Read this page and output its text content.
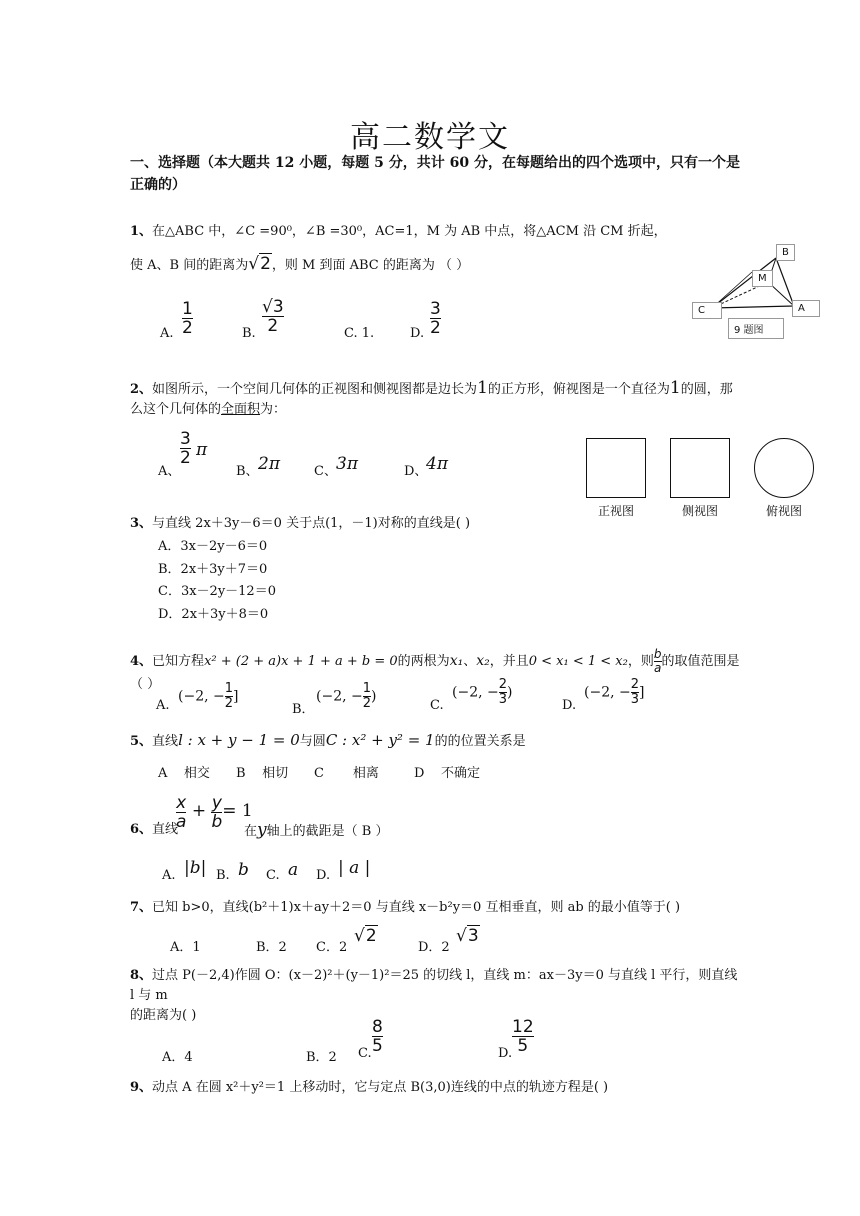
高二数学文
一、选择题（本大题共 12 小题，每题 5 分，共计 60 分，在每题给出的四个选项中，只有一个是正确的）
1、在△ABC 中，∠C =90⁰，∠B =30⁰，AC=1，M 为 AB 中点，将△ACM 沿 CM 折起，
使 A、B 间的距离为√2，则 M 到面 ABC 的距离为 （ ）
A.
1
2	B.
√3
2	C. 1.	D.
3
2
B
M
C	A
9 题图
2、如图所示，一个空间几何体的正视图和侧视图都是边长为1的正方形，俯视图是一个直径为1的圆，那
么这个几何体的全面积为：
A、
3
2 π
B、 2π	C、 3π	D、
4π
正视图	侧视图	俯视图
3、与直线 2x＋3y－6＝0 关于点(1，－1)对称的直线是( )
A．3x－2y－6＝0
B．2x＋3y＋7＝0
C．3x－2y－12＝0
D．2x＋3y＋8＝0
4、已知方程x² + (2 + a)x + 1 + a + b = 0的两根为x₁、x₂，并且0 < x₁ < 1 < x₂，则 $\frac{b}{a}$ 的取值范围是（ ）
A.
(−2, − $\frac{1}{2}$ ]
B．
(−2, − $\frac{1}{2}$ )
C.
(−2, − $\frac{2}{3}$ )
D.
(−2, − $\frac{2}{3}$ ]
5、直线l : x + y − 1 = 0与圆C : x² + y² = 1的的位置关系是
A    相交 B    相切 C       相离	D    不确定
6、直线
$\frac{x}{a} + \frac{y}{b} = 1$
在y轴上的截距是（ B ）
A. |b| B. b C. a D. | a |
7、已知 b>0，直线(b²＋1)x＋ay＋2＝0 与直线 x－b²y＝0 互相垂直，则 ab 的最小值等于( )
A．1	B．2 C．2
√2
D．2
√3
8、过点 P(－2,4)作圆 O：(x－2)²＋(y－1)²＝25 的切线 l，直线 m：ax－3y＝0 与直线 l 平行，则直线 l 与 m
的距离为( )
A．4	B．2 C.
8
5	D.
12
5
9、动点 A 在圆 x²＋y²＝1 上移动时，它与定点 B(3,0)连线的中点的轨迹方程是( )
